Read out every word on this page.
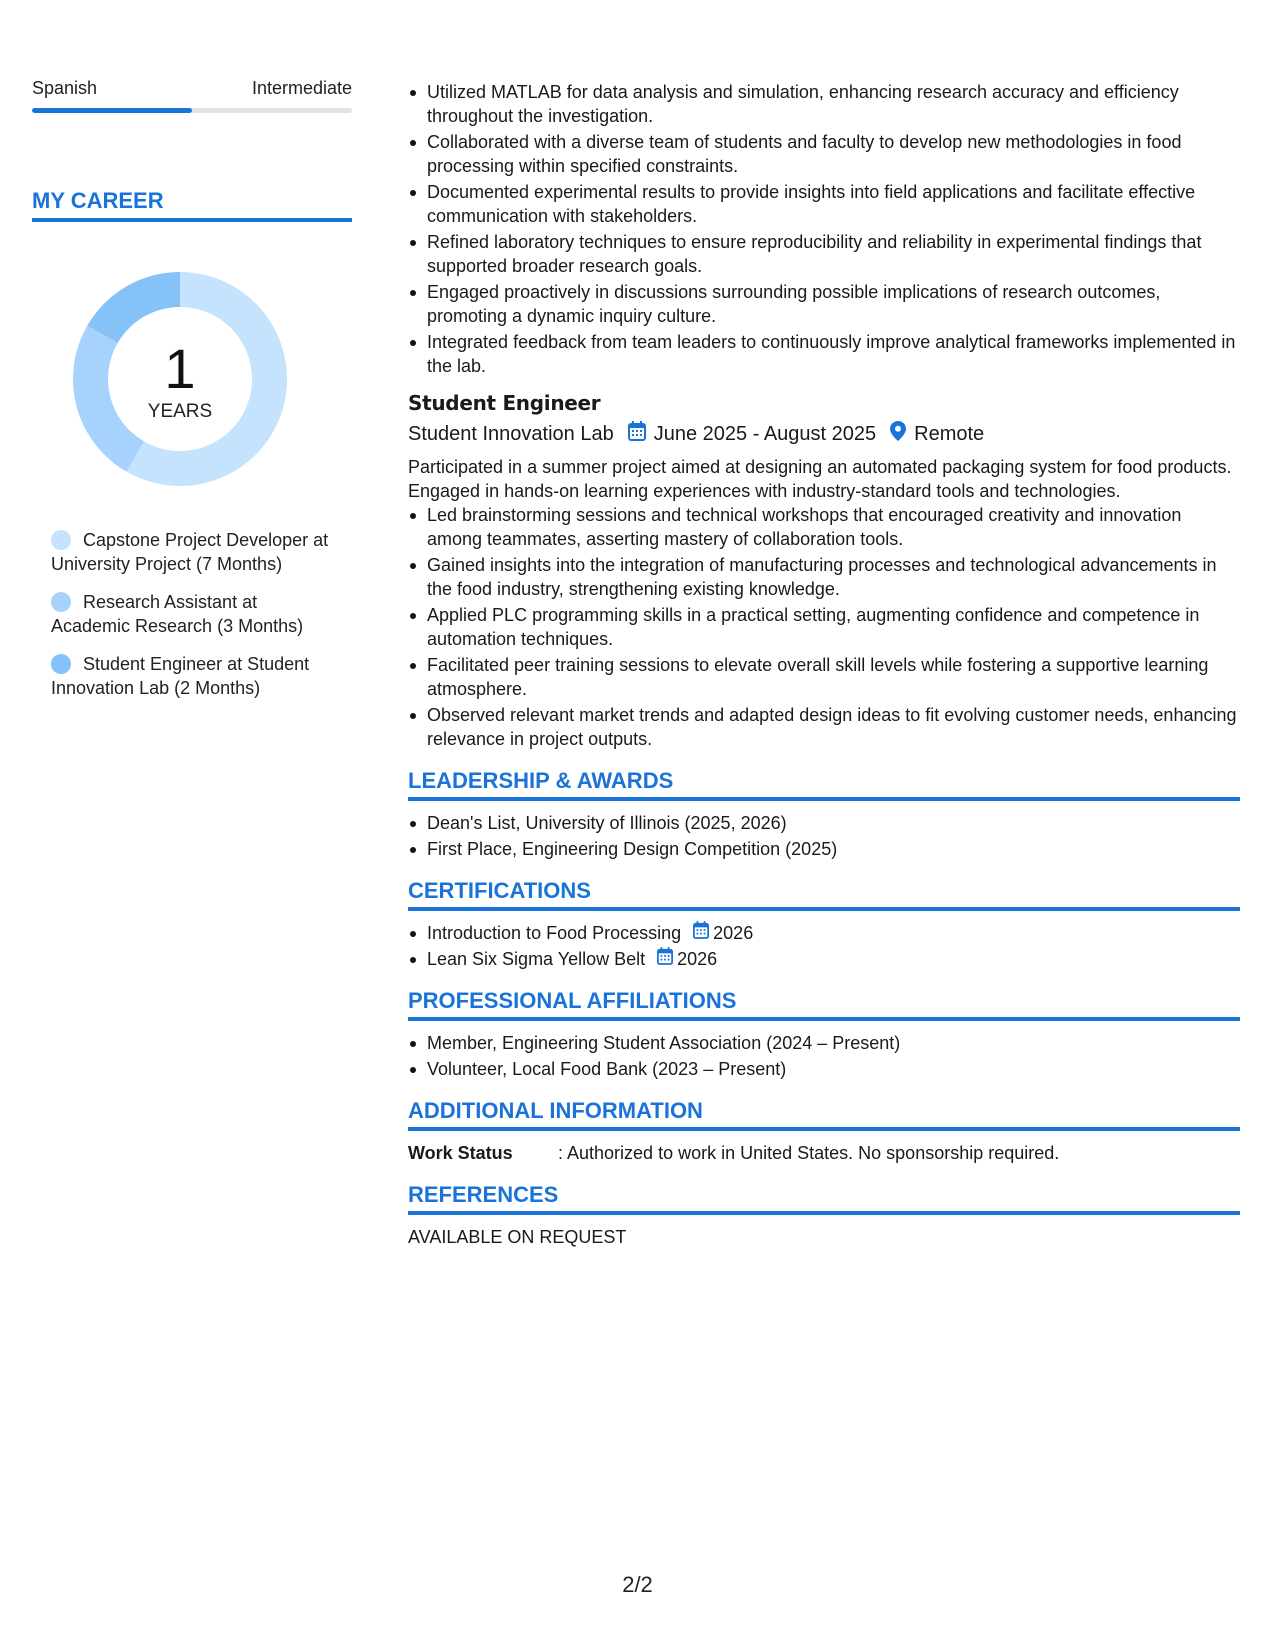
Spanish	Intermediate
MY CAREER
1
YEARS
Capstone Project Developer at University Project (7 Months)
Research Assistant at Academic Research (3 Months)
Student Engineer at Student Innovation Lab (2 Months)
Utilized MATLAB for data analysis and simulation, enhancing research accuracy and efficiency throughout the investigation.
Collaborated with a diverse team of students and faculty to develop new methodologies in food processing within specified constraints.
Documented experimental results to provide insights into field applications and facilitate effective communication with stakeholders.
Refined laboratory techniques to ensure reproducibility and reliability in experimental findings that supported broader research goals.
Engaged proactively in discussions surrounding possible implications of research outcomes, promoting a dynamic inquiry culture.
Integrated feedback from team leaders to continuously improve analytical frameworks implemented in the lab.
Student Engineer
Student Innovation Lab June 2025 - August 2025 Remote
Participated in a summer project aimed at designing an automated packaging system for food products. Engaged in hands-on learning experiences with industry-standard tools and technologies.
Led brainstorming sessions and technical workshops that encouraged creativity and innovation among teammates, asserting mastery of collaboration tools.
Gained insights into the integration of manufacturing processes and technological advancements in the food industry, strengthening existing knowledge.
Applied PLC programming skills in a practical setting, augmenting confidence and competence in automation techniques.
Facilitated peer training sessions to elevate overall skill levels while fostering a supportive learning atmosphere.
Observed relevant market trends and adapted design ideas to fit evolving customer needs, enhancing relevance in project outputs.
LEADERSHIP & AWARDS
Dean's List, University of Illinois (2025, 2026)
First Place, Engineering Design Competition (2025)
CERTIFICATIONS
Introduction to Food Processing 2026
Lean Six Sigma Yellow Belt 2026
PROFESSIONAL AFFILIATIONS
Member, Engineering Student Association (2024 – Present)
Volunteer, Local Food Bank (2023 – Present)
ADDITIONAL INFORMATION
Work Status	: Authorized to work in United States. No sponsorship required.
REFERENCES
AVAILABLE ON REQUEST
2/2
